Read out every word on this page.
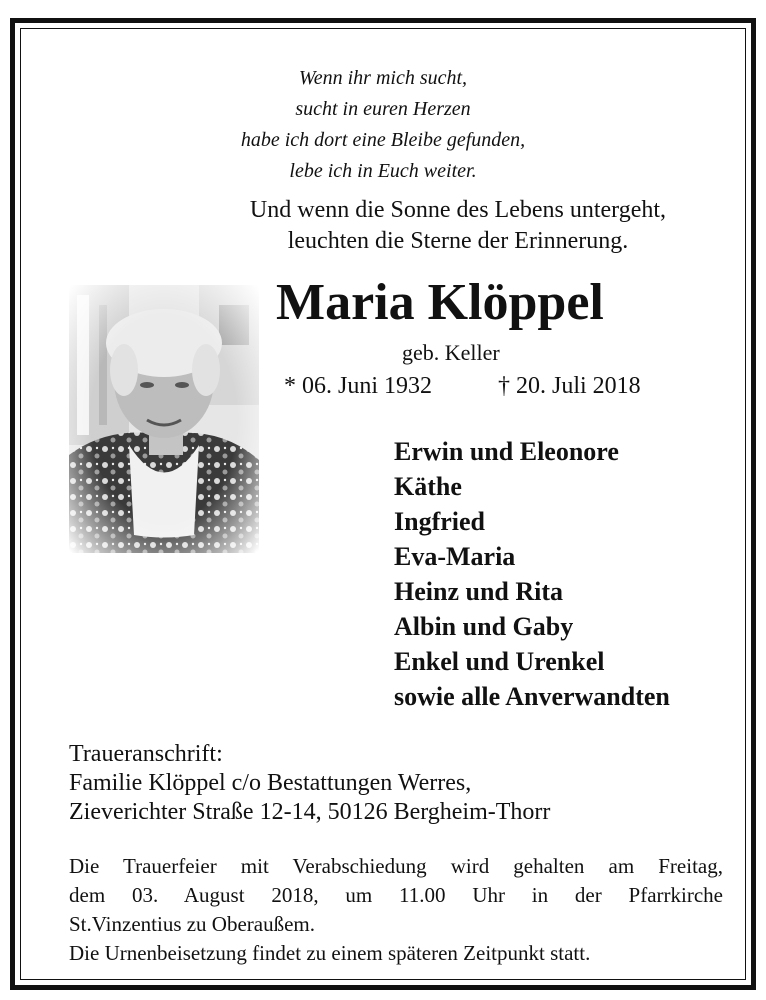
Wenn ihr mich sucht,
sucht in euren Herzen
habe ich dort eine Bleibe gefunden,
lebe ich in Euch weiter.
Und wenn die Sonne des Lebens untergeht,
leuchten die Sterne der Erinnerung.
Maria Klöppel
geb. Keller
* 06. Juni 1932	† 20. Juli 2018
Erwin und Eleonore
Käthe
Ingfried
Eva-Maria
Heinz und Rita
Albin und Gaby
Enkel und Urenkel
sowie alle Anverwandten
Traueranschrift:
Familie Klöppel c/o Bestattungen Werres,
Zieverichter Straße 12-14, 50126 Bergheim-Thorr
Die Trauerfeier mit Verabschiedung wird gehalten am Freitag,
dem 03. August 2018, um 11.00 Uhr in der Pfarrkirche
St.Vinzentius zu Oberaußem.
Die Urnenbeisetzung findet zu einem späteren Zeitpunkt statt.
